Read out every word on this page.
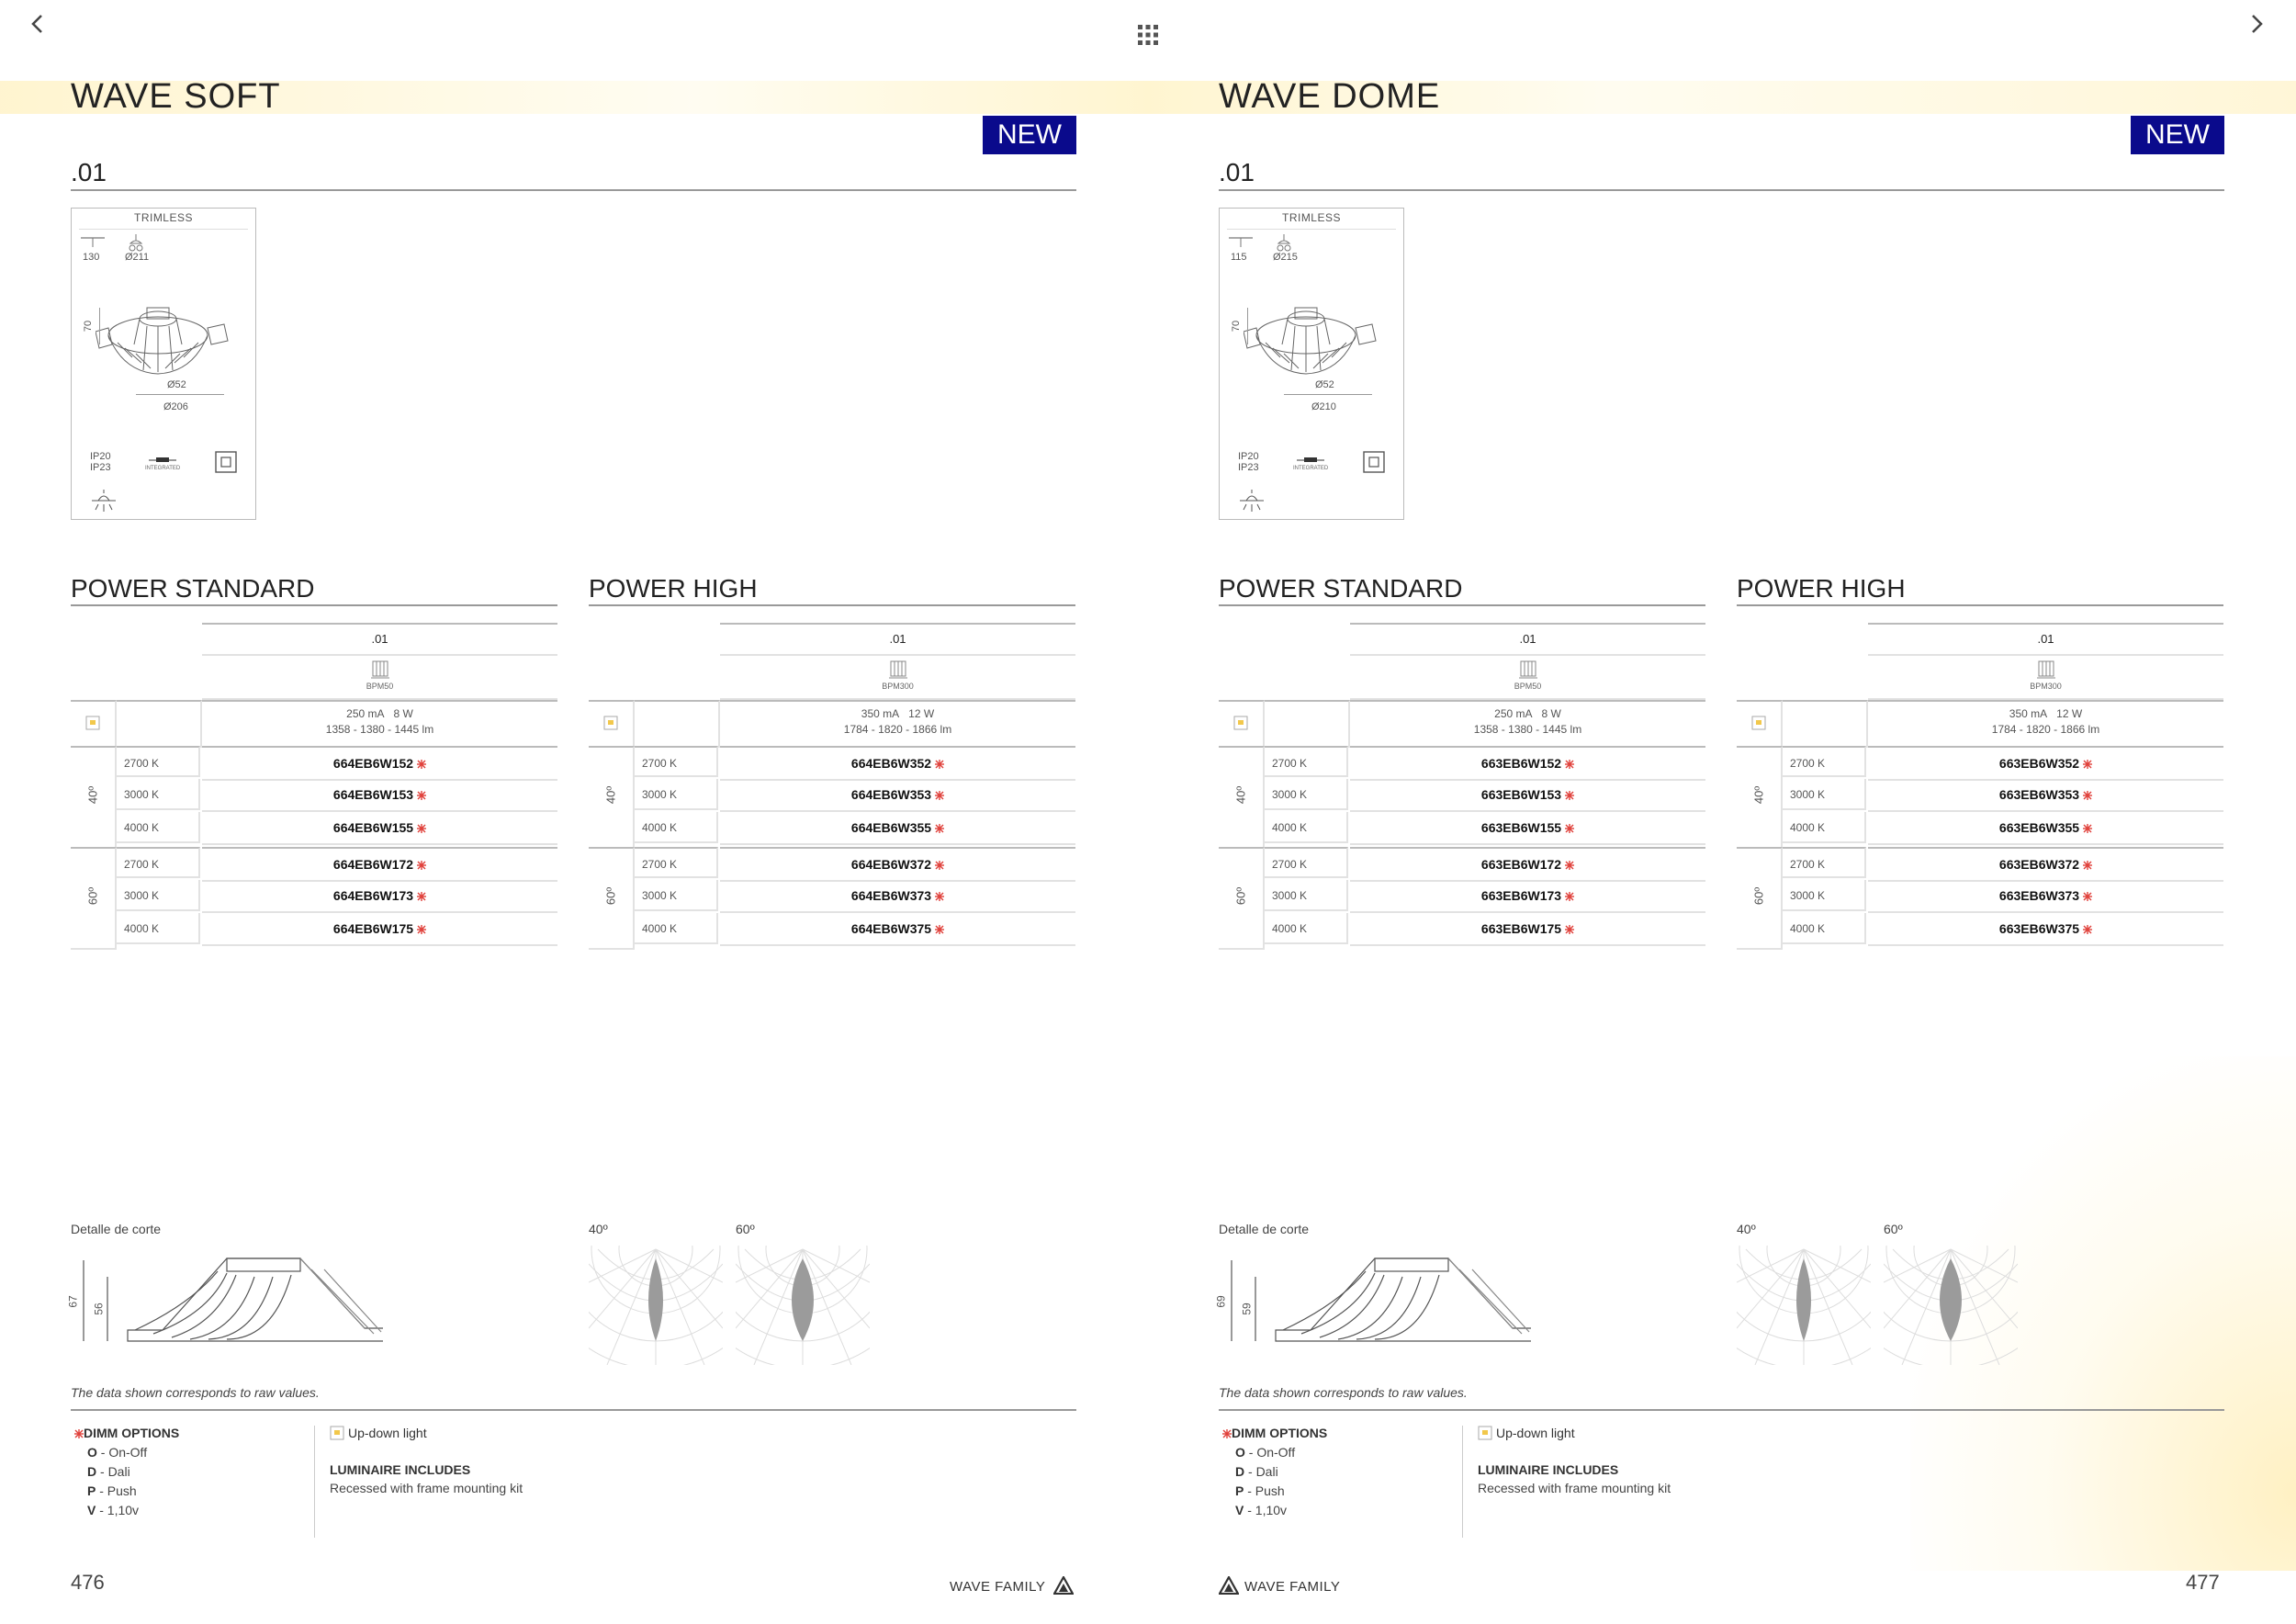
WAVE SOFT
NEW
.01
TRIMLESS
130	Ø211
70
Ø52
Ø206
IP20
IP23	INTEGRATED
POWER STANDARD
.01
BPM50
250 mA 8 W
1358 - 1380 - 1445 lm
40º
2700 K	664EB6W152
3000 K	664EB6W153
4000 K	664EB6W155
60º
2700 K	664EB6W172
3000 K	664EB6W173
4000 K	664EB6W175
POWER HIGH
.01
BPM300
350 mA 12 W
1784 - 1820 - 1866 lm
40º
2700 K	664EB6W352
3000 K	664EB6W353
4000 K	664EB6W355
60º
2700 K	664EB6W372
3000 K	664EB6W373
4000 K	664EB6W375
Detalle de corte
67
56
40º	60º
The data shown corresponds to raw values.
DIMM OPTIONS
O - On-Off
D - Dali
P - Push
V - 1,10v
Up-down light
LUMINAIRE INCLUDES
Recessed with frame mounting kit
WAVE DOME
NEW
.01
TRIMLESS
115	Ø215
70
Ø52
Ø210
IP20
IP23	INTEGRATED
POWER STANDARD
.01
BPM50
250 mA 8 W
1358 - 1380 - 1445 lm
40º
2700 K	663EB6W152
3000 K	663EB6W153
4000 K	663EB6W155
60º
2700 K	663EB6W172
3000 K	663EB6W173
4000 K	663EB6W175
POWER HIGH
.01
BPM300
350 mA 12 W
1784 - 1820 - 1866 lm
40º
2700 K	663EB6W352
3000 K	663EB6W353
4000 K	663EB6W355
60º
2700 K	663EB6W372
3000 K	663EB6W373
4000 K	663EB6W375
Detalle de corte
69
59
40º	60º
The data shown corresponds to raw values.
DIMM OPTIONS
O - On-Off
D - Dali
P - Push
V - 1,10v
Up-down light
LUMINAIRE INCLUDES
Recessed with frame mounting kit
476	WAVE FAMILY	WAVE FAMILY	477
